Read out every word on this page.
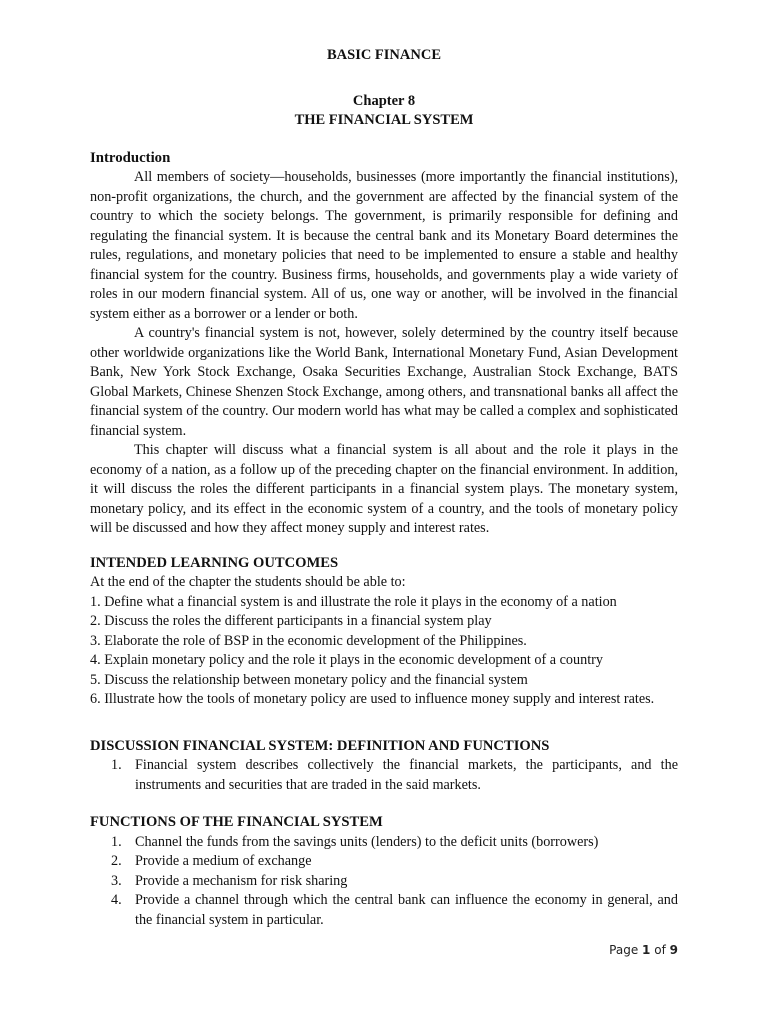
BASIC FINANCE
Chapter 8
THE FINANCIAL SYSTEM
Introduction

All members of society—households, businesses (more importantly the financial institutions), non-profit organizations, the church, and the government are affected by the financial system of the country to which the society belongs. The government, is primarily responsible for defining and regulating the financial system. It is because the central bank and its Monetary Board determines the rules, regulations, and monetary policies that need to be implemented to ensure a stable and healthy financial system for the country. Business firms, households, and governments play a wide variety of roles in our modern financial system. All of us, one way or another, will be involved in the financial system either as a borrower or a lender or both.

A country's financial system is not, however, solely determined by the country itself because other worldwide organizations like the World Bank, International Monetary Fund, Asian Development Bank, New York Stock Exchange, Osaka Securities Exchange, Australian Stock Exchange, BATS Global Markets, Chinese Shenzen Stock Exchange, among others, and transnational banks all affect the financial system of the country. Our modern world has what may be called a complex and sophisticated financial system.

This chapter will discuss what a financial system is all about and the role it plays in the economy of a nation, as a follow up of the preceding chapter on the financial environment. In addition, it will discuss the roles the different participants in a financial system plays. The monetary system, monetary policy, and its effect in the economic system of a country, and the tools of monetary policy will be discussed and how they affect money supply and interest rates.

INTENDED LEARNING OUTCOMES
At the end of the chapter the students should be able to:
1. Define what a financial system is and illustrate the role it plays in the economy of a nation
2. Discuss the roles the different participants in a financial system play
3. Elaborate the role of BSP in the economic development of the Philippines.
4. Explain monetary policy and the role it plays in the economic development of a country
5. Discuss the relationship between monetary policy and the financial system
6. Illustrate how the tools of monetary policy are used to influence money supply and interest rates.
DISCUSSION FINANCIAL SYSTEM: DEFINITION AND FUNCTIONS
1. Financial system describes collectively the financial markets, the participants, and the instruments and securities that are traded in the said markets.
FUNCTIONS OF THE FINANCIAL SYSTEM
1. Channel the funds from the savings units (lenders) to the deficit units (borrowers)
2. Provide a medium of exchange
3. Provide a mechanism for risk sharing
4. Provide a channel through which the central bank can influence the economy in general, and the financial system in particular.
Page 1 of 9
